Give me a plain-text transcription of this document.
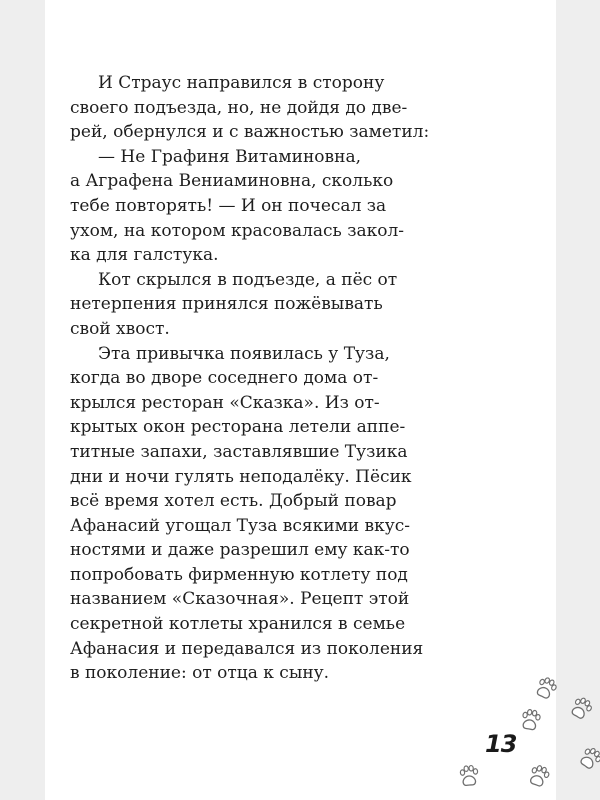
И Страус направился в сторону
своего подъезда, но, не дойдя до две-
рей, обернулся и с важностью заметил:

— Не Графиня Витаминовна,
а Аграфена Вениаминовна, сколько
тебе повторять! — И он почесал за
ухом, на котором красовалась закол-
ка для галстука.

Кот скрылся в подъезде, а пёс от
нетерпения принялся пожёвывать
свой хвост.

Эта привычка появилась у Туза,
когда во дворе соседнего дома от-
крылся ресторан «Сказка». Из от-
крытых окон ресторана летели аппе-
титные запахи, заставлявшие Тузика
дни и ночи гулять неподалёку. Пёсик
всё время хотел есть. Добрый повар
Афанасий угощал Туза всякими вкус-
ностями и даже разрешил ему как-то
попробовать фирменную котлету под
названием «Сказочная». Рецепт этой
секретной котлеты хранился в семье
Афанасия и передавался из поколения
в поколение: от отца к сыну.

13
